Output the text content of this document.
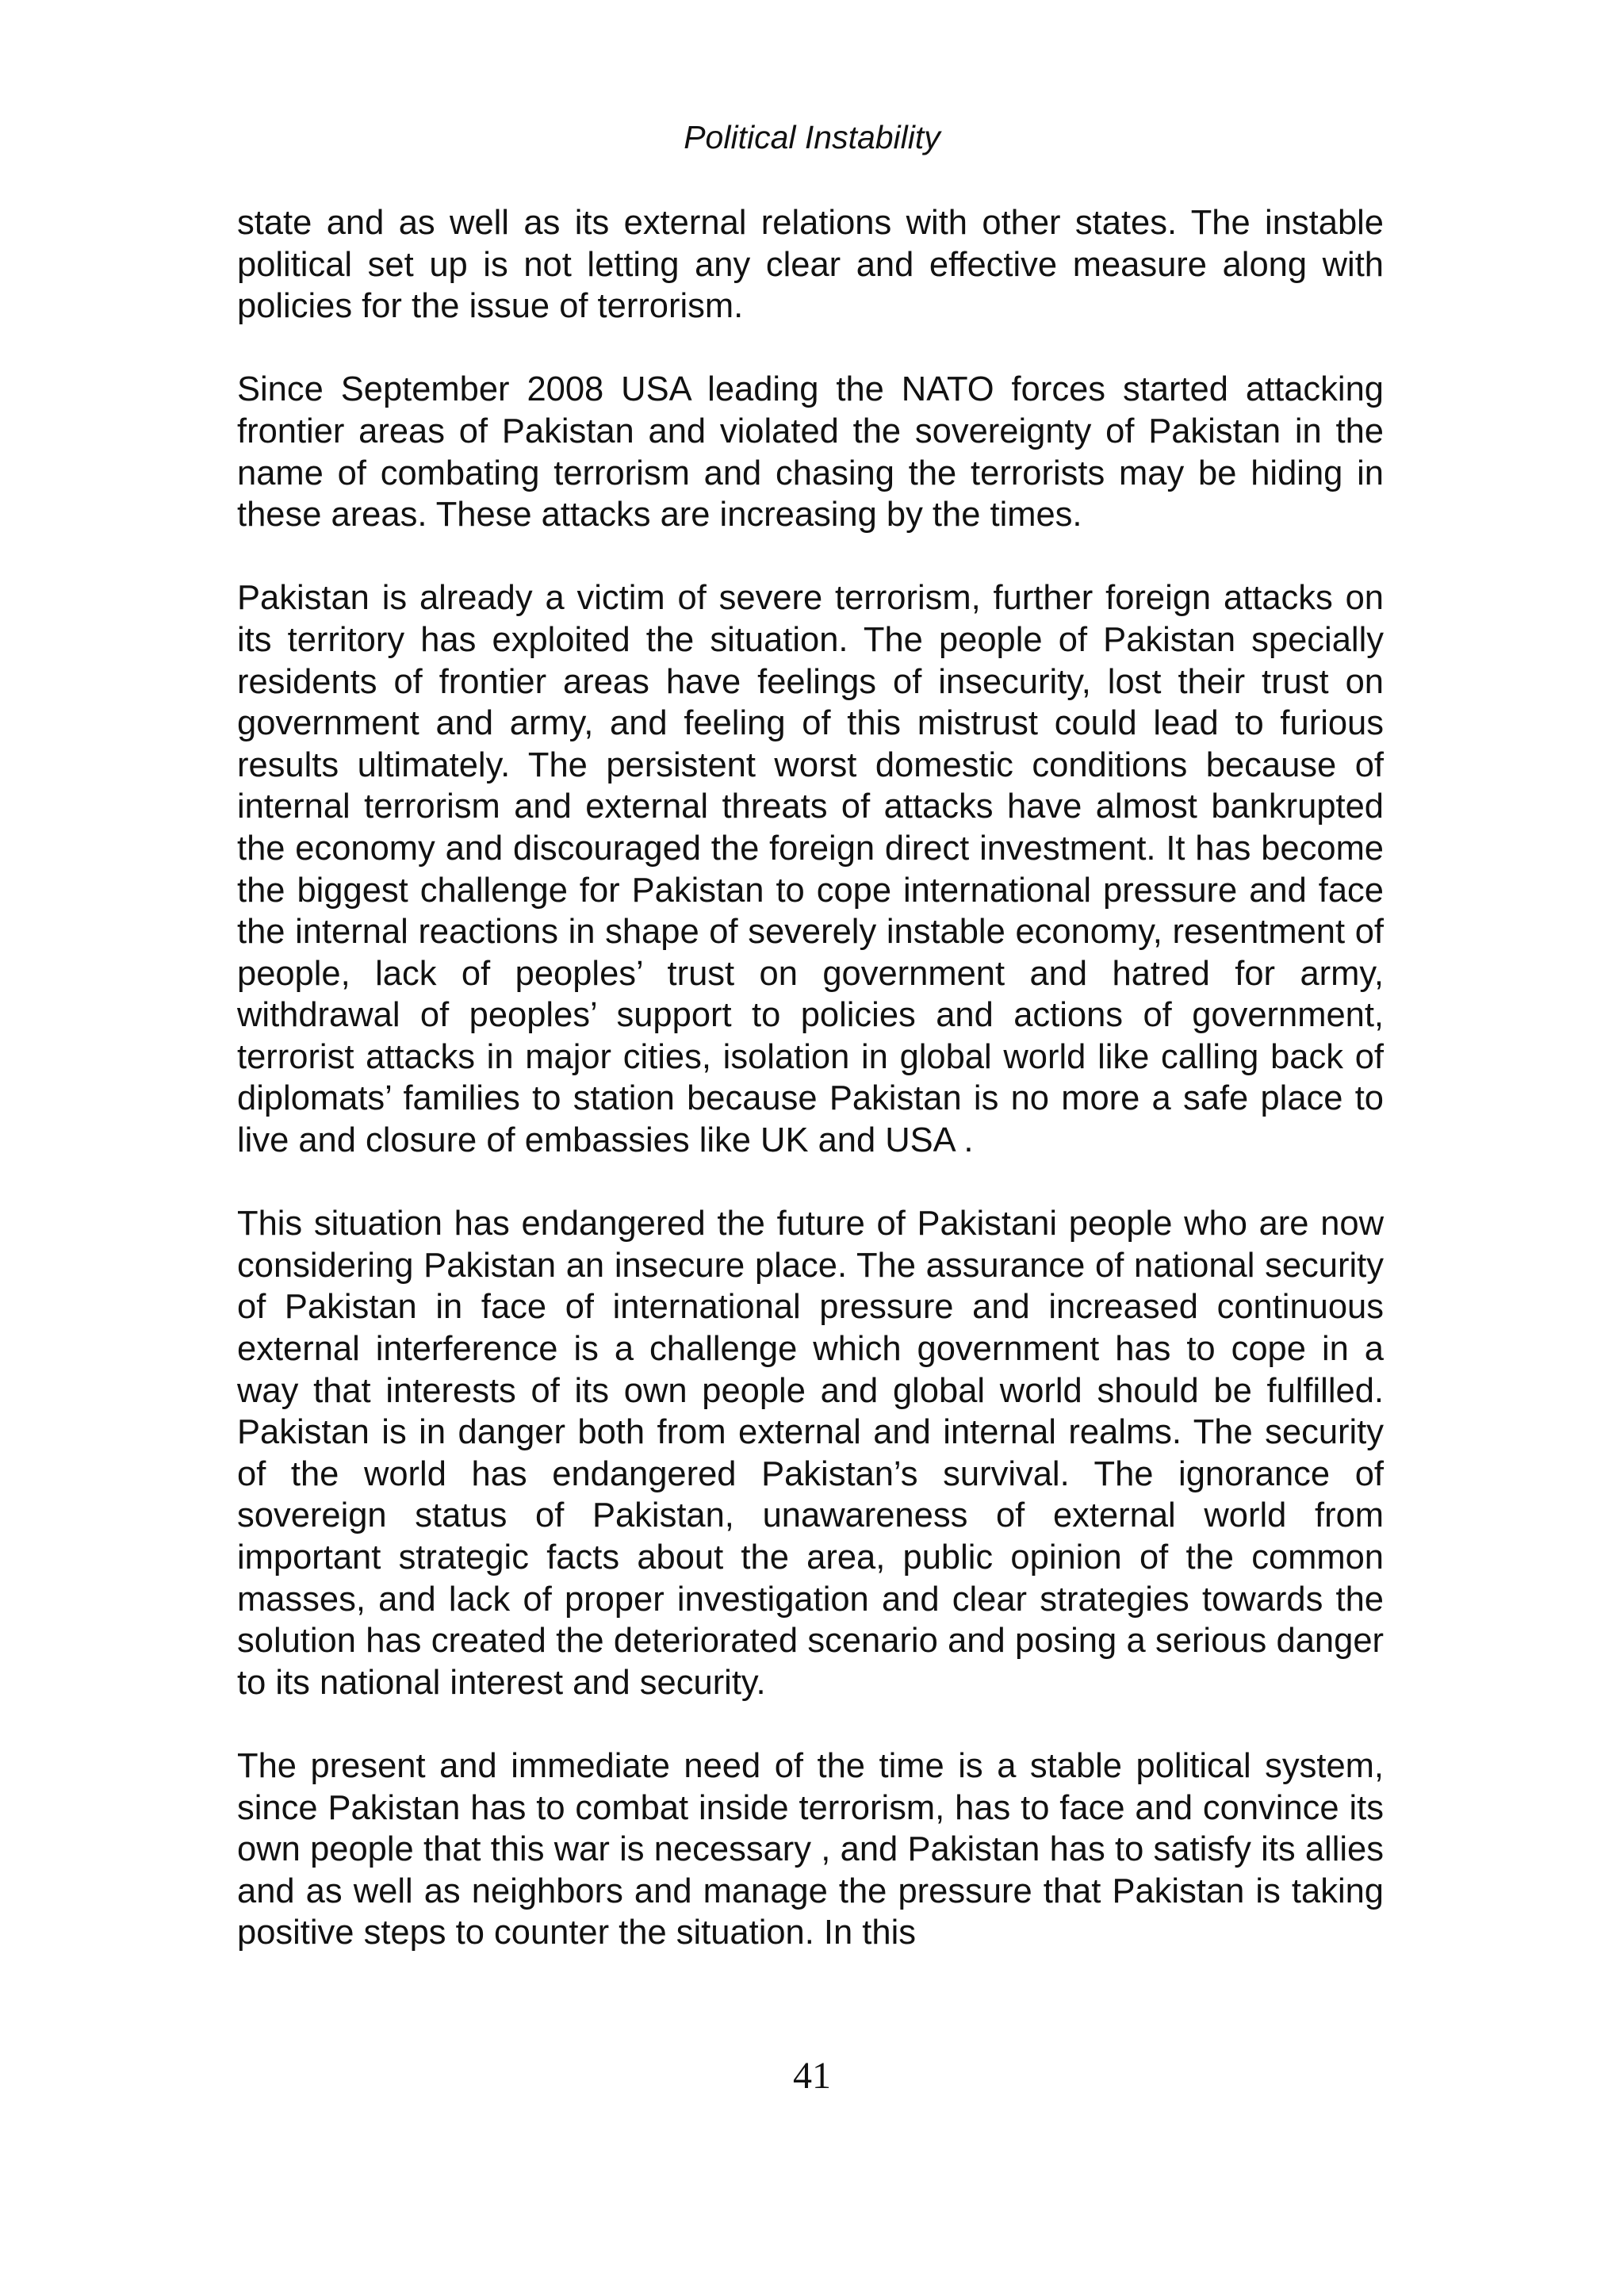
Political Instability

state and as well as its external relations with other states. The instable political set up is not letting any clear and effective measure along with policies for the issue of terrorism.

Since September 2008 USA leading the NATO forces started attacking frontier areas of Pakistan and violated the sovereignty of Pakistan in the name of combating terrorism and chasing the terrorists may be hiding in these areas. These attacks are increasing by the times.

Pakistan is already a victim of severe terrorism, further foreign attacks on its territory has exploited the situation. The people of Pakistan specially residents of frontier areas have feelings of insecurity, lost their trust on government and army, and feeling of this mistrust could lead to furious results ultimately. The persistent worst domestic conditions because of internal terrorism and external threats of attacks have almost bankrupted the economy and discouraged the foreign direct investment. It has become the biggest challenge for Pakistan to cope international pressure and face the internal reactions in shape of severely instable economy, resentment of people, lack of peoples’ trust on government and hatred for army, withdrawal of peoples’ support to policies and actions of government, terrorist attacks in major cities, isolation in global world like calling back of diplomats’ families to station because Pakistan is no more a safe place to live and closure of embassies like UK and USA .

This situation has endangered the future of Pakistani people who are now considering Pakistan an insecure place. The assurance of national security of Pakistan in face of international pressure and increased continuous external interference is a challenge which government has to cope in a way that interests of its own people and global world should be fulfilled. Pakistan is in danger both from external and internal realms. The security of the world has endangered Pakistan’s survival. The ignorance of sovereign status of Pakistan, unawareness of external world from important strategic facts about the area, public opinion of the common masses, and lack of proper investigation and clear strategies towards the solution has created the deteriorated scenario and posing a serious danger to its national interest and security.

The present and immediate need of the time is a stable political system, since Pakistan has to combat inside terrorism, has to face and convince its own people that this war is necessary , and Pakistan has to satisfy its allies and as well as neighbors and manage the pressure that Pakistan is taking positive steps to counter the situation. In this

41
